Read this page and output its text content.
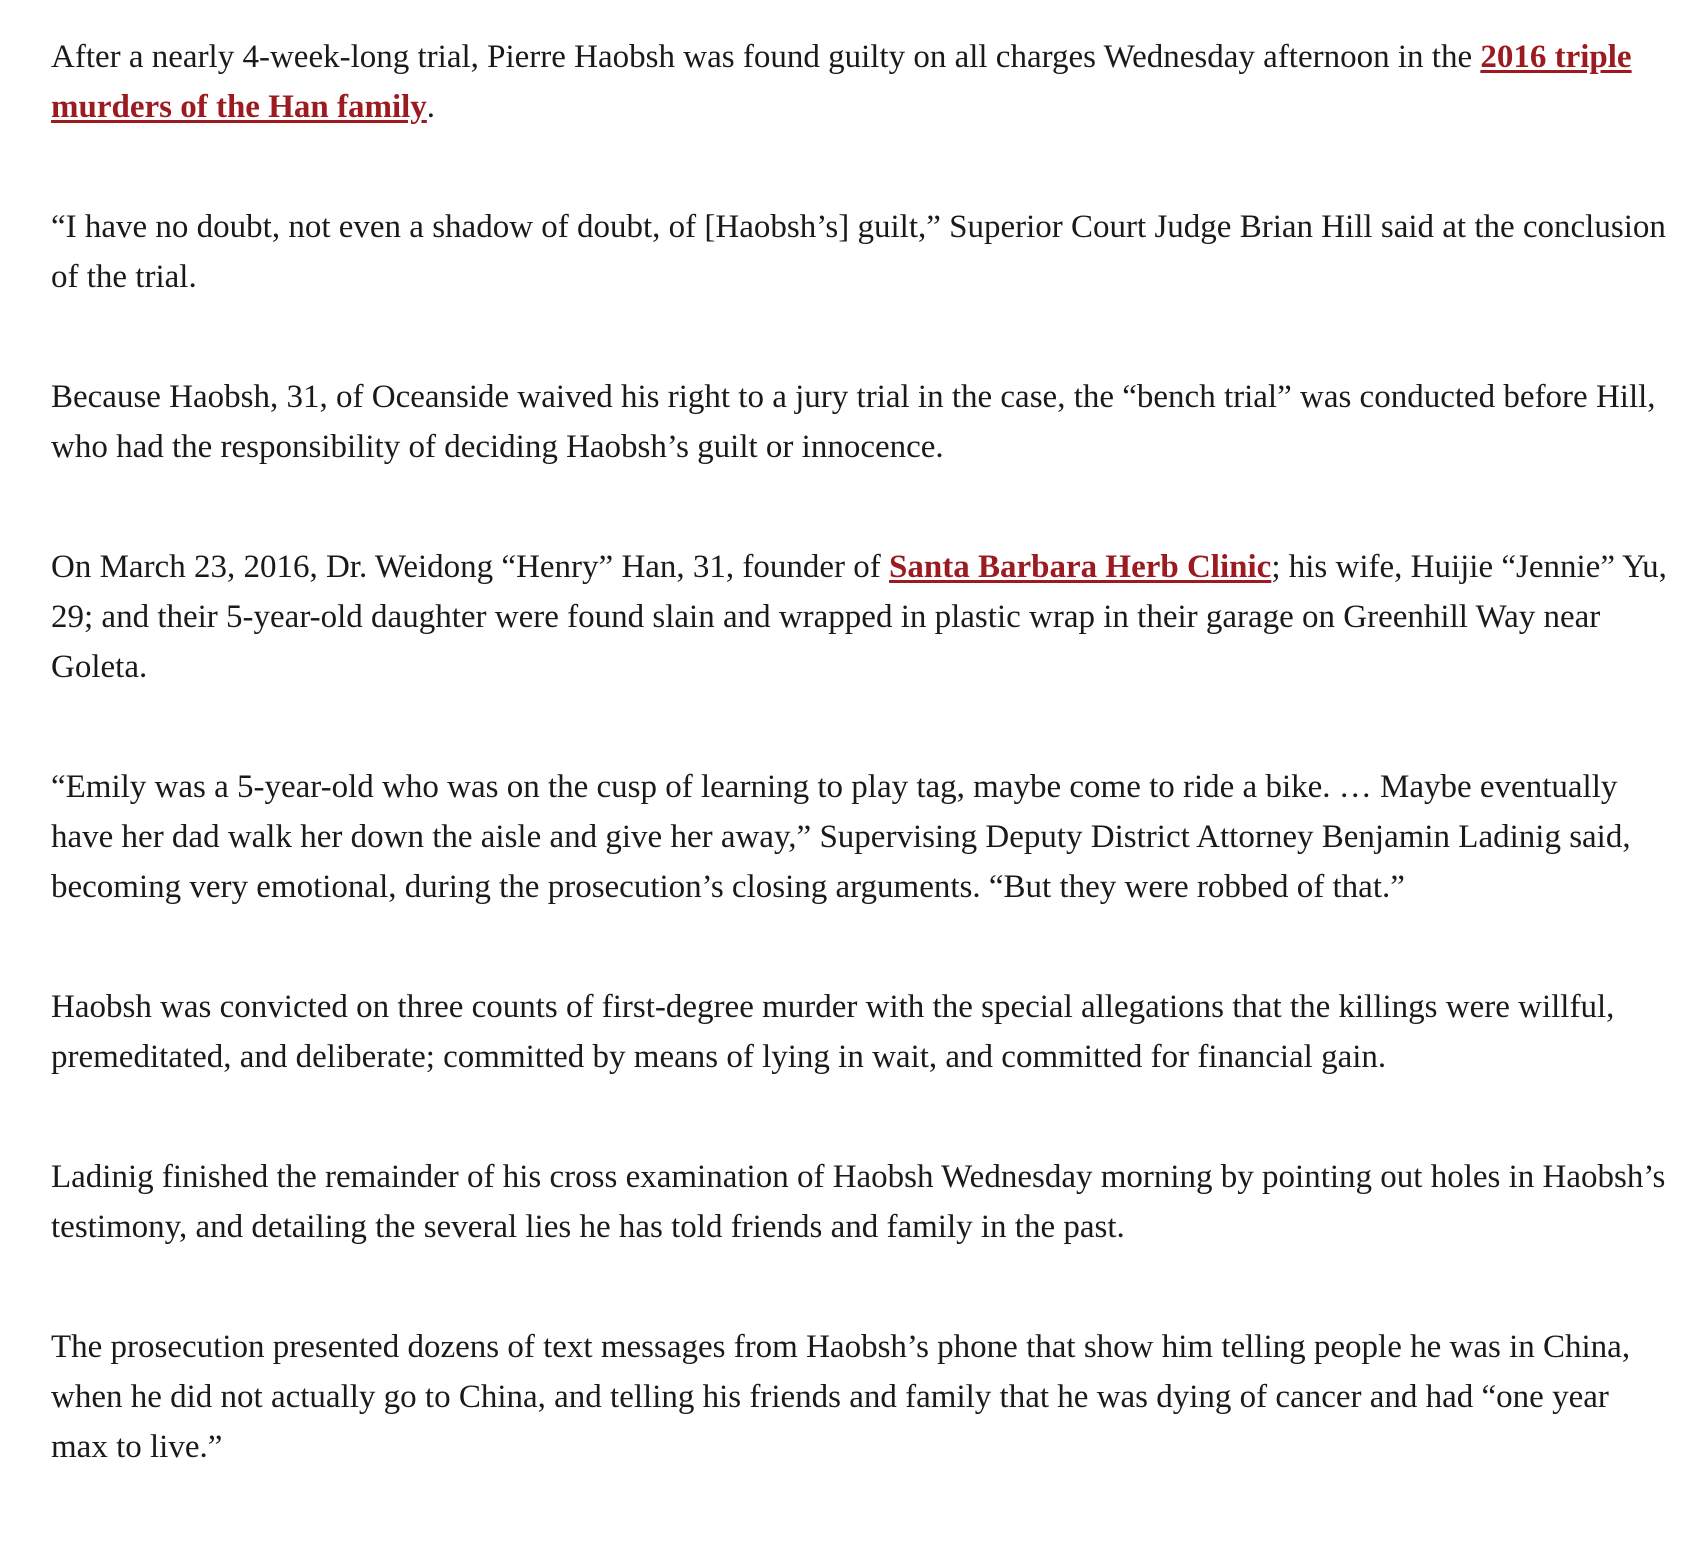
After a nearly 4-week-long trial, Pierre Haobsh was found guilty on all charges Wednesday afternoon in the 2016 triple murders of the Han family.

“I have no doubt, not even a shadow of doubt, of [Haobsh’s] guilt,” Superior Court Judge Brian Hill said at the conclusion of the trial.

Because Haobsh, 31, of Oceanside waived his right to a jury trial in the case, the “bench trial” was conducted before Hill, who had the responsibility of deciding Haobsh’s guilt or innocence.

On March 23, 2016, Dr. Weidong “Henry” Han, 31, founder of Santa Barbara Herb Clinic; his wife, Huijie “Jennie” Yu, 29; and their 5-year-old daughter were found slain and wrapped in plastic wrap in their garage on Greenhill Way near Goleta.

“Emily was a 5-year-old who was on the cusp of learning to play tag, maybe come to ride a bike. … Maybe eventually have her dad walk her down the aisle and give her away,” Supervising Deputy District Attorney Benjamin Ladinig said, becoming very emotional, during the prosecution’s closing arguments. “But they were robbed of that.”

Haobsh was convicted on three counts of first-degree murder with the special allegations that the killings were willful, premeditated, and deliberate; committed by means of lying in wait, and committed for financial gain.

Ladinig finished the remainder of his cross examination of Haobsh Wednesday morning by pointing out holes in Haobsh’s testimony, and detailing the several lies he has told friends and family in the past.

The prosecution presented dozens of text messages from Haobsh’s phone that show him telling people he was in China, when he did not actually go to China, and telling his friends and family that he was dying of cancer and had “one year max to live.”
